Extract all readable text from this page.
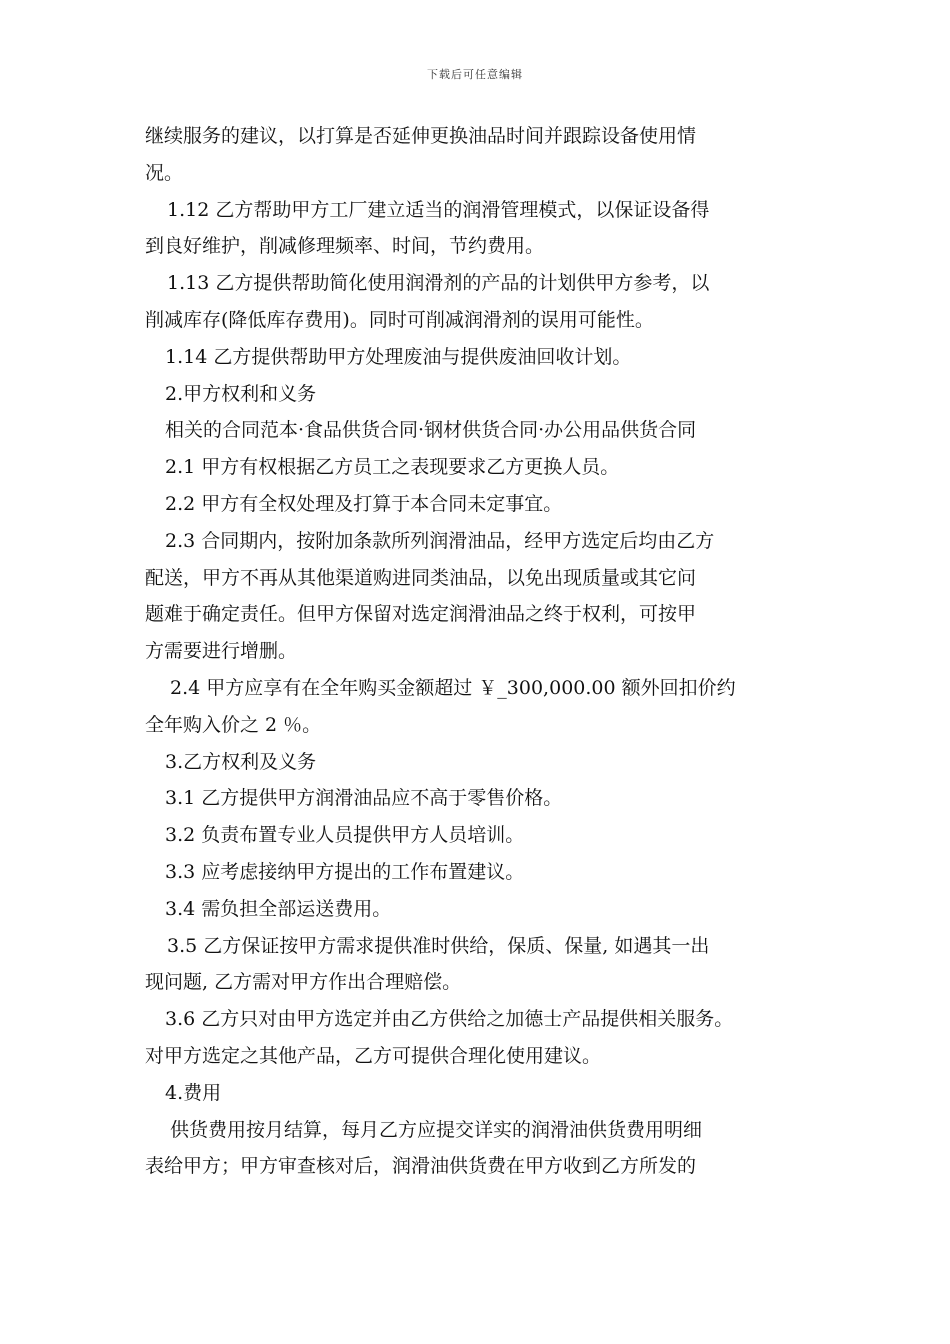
下载后可任意编辑
继续服务的建议，以打算是否延伸更换油品时间并跟踪设备使用情
况。
1.12 乙方帮助甲方工厂建立适当的润滑管理模式，以保证设备得
到良好维护，削减修理频率、时间，节约费用。
1.13 乙方提供帮助简化使用润滑剂的产品的计划供甲方参考，以
削减库存(降低库存费用)。同时可削减润滑剂的误用可能性。
1.14 乙方提供帮助甲方处理废油与提供废油回收计划。
2.甲方权利和义务
相关的合同范本·食品供货合同·钢材供货合同·办公用品供货合同
2.1 甲方有权根据乙方员工之表现要求乙方更换人员。
2.2 甲方有全权处理及打算于本合同未定事宜。
2.3 合同期内，按附加条款所列润滑油品，经甲方选定后均由乙方
配送，甲方不再从其他渠道购进同类油品，以免出现质量或其它问
题难于确定责任。但甲方保留对选定润滑油品之终于权利，可按甲
方需要进行增删。
2.4 甲方应享有在全年购买金额超过 ￥_300,000.00 额外回扣价约
全年购入价之 2 ％。
3.乙方权利及义务
3.1 乙方提供甲方润滑油品应不高于零售价格。
3.2 负责布置专业人员提供甲方人员培训。
3.3 应考虑接纳甲方提出的工作布置建议。
3.4 需负担全部运送费用。
3.5 乙方保证按甲方需求提供准时供给，保质、保量, 如遇其一出
现问题, 乙方需对甲方作出合理赔偿。
3.6 乙方只对由甲方选定并由乙方供给之加德士产品提供相关服务。
对甲方选定之其他产品，乙方可提供合理化使用建议。
4.费用
供货费用按月结算，每月乙方应提交详实的润滑油供货费用明细
表给甲方；甲方审查核对后，润滑油供货费在甲方收到乙方所发的
